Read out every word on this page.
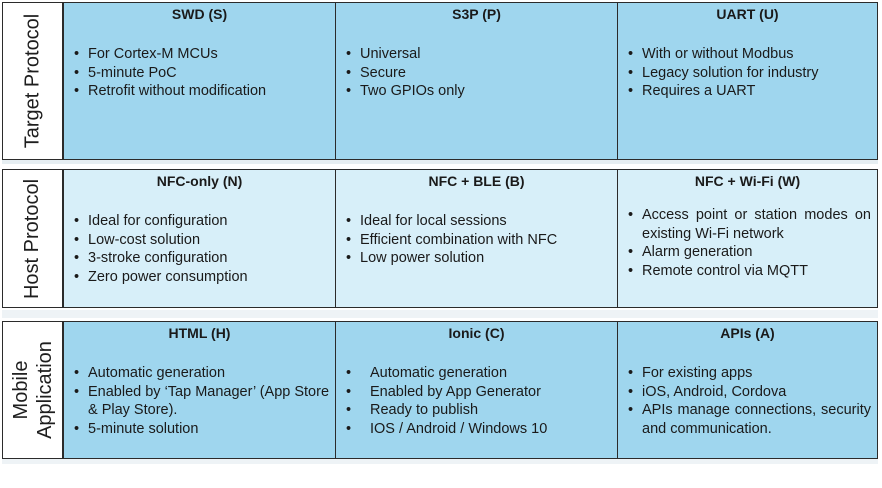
Target Protocol	SWD (S)
• For Cortex-M MCUs
• 5-minute PoC
• Retrofit without modification
S3P (P)
• Universal
• Secure
• Two GPIOs only
UART (U)
• With or without Modbus
• Legacy solution for industry
• Requires a UART
Host Protocol	NFC-only (N)
• Ideal for configuration
• Low-cost solution
• 3-stroke configuration
• Zero power consumption
NFC + BLE (B)
• Ideal for local sessions
• Efficient combination with NFC
• Low power solution
NFC + Wi-Fi (W)
• Access point or station modes on existing Wi-Fi network
• Alarm generation
• Remote control via MQTT
Mobile Application
HTML (H)
• Automatic generation
• Enabled by ‘Tap Manager’ (App Store & Play Store).
• 5-minute solution
Ionic (C)
• Automatic generation
• Enabled by App Generator
• Ready to publish
• IOS / Android / Windows 10
APIs (A)
• For existing apps
• iOS, Android, Cordova
• APIs manage connections, security and communication.
